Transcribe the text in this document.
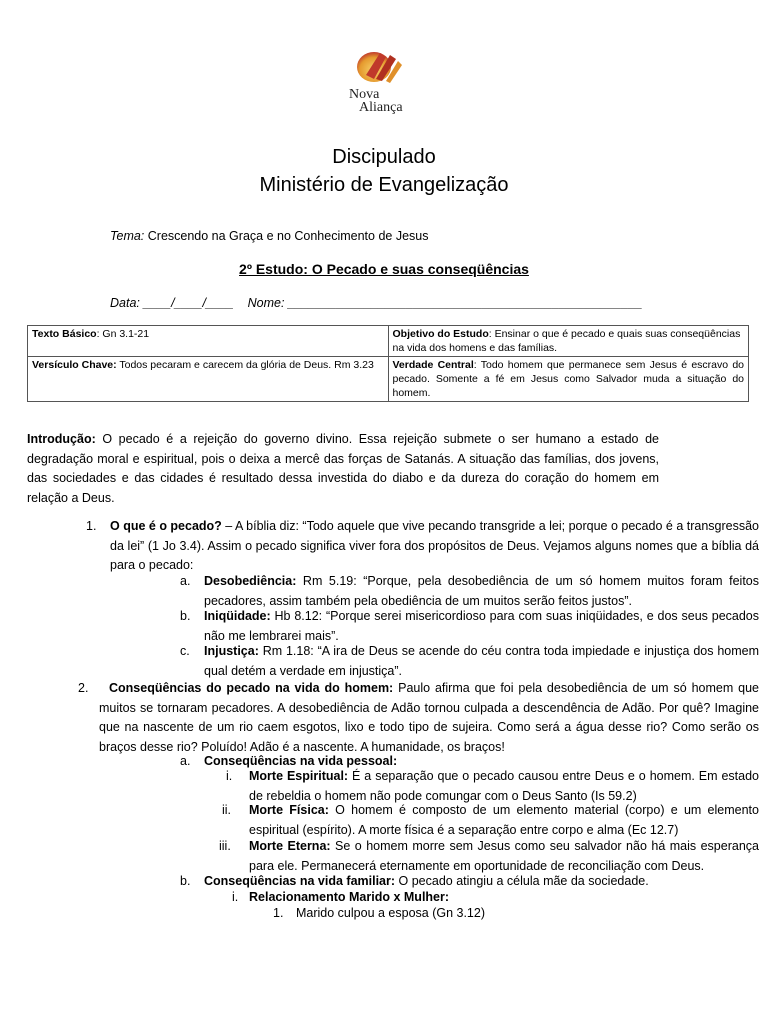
Nova
Aliança
Discipulado
Ministério de Evangelização
Tema: Crescendo na Graça e no Conhecimento de Jesus
2º Estudo: O Pecado e suas conseqüências
Data: ____/____/____ Nome: ___________________________________________________
Texto Básico: Gn 3.1-21	Objetivo do Estudo: Ensinar o que é pecado e quais suas conseqüências na vida dos homens e das famílias.
Versículo Chave: Todos pecaram e carecem da glória de Deus. Rm 3.23	Verdade Central: Todo homem que permanece sem Jesus é escravo do pecado. Somente a fé em Jesus como Salvador muda a situação do homem.

Introdução: O pecado é a rejeição do governo divino. Essa rejeição submete o ser humano a estado de degradação moral e espiritual, pois o deixa a mercê das forças de Satanás. A situação das famílias, dos jovens, das sociedades e das cidades é resultado dessa investida do diabo e da dureza do coração do homem em relação a Deus.

1. O que é o pecado? – A bíblia diz: “Todo aquele que vive pecando transgride a lei; porque o pecado é a transgressão da lei” (1 Jo 3.4). Assim o pecado significa viver fora dos propósitos de Deus. Vejamos alguns nomes que a bíblia dá para o pecado:

a. Desobediência: Rm 5.19: “Porque, pela desobediência de um só homem muitos foram feitos pecadores, assim também pela obediência de um muitos serão feitos justos”.

b. Iniqüidade: Hb 8.12: “Porque serei misericordioso para com suas iniqüidades, e dos seus pecados não me lembrarei mais”.

c. Injustiça: Rm 1.18: “A ira de Deus se acende do céu contra toda impiedade e injustiça dos homem qual detém a verdade em injustiça”.

2.	Conseqüências do pecado na vida do homem: Paulo afirma que foi pela desobediência de um só homem que muitos se tornaram pecadores. A desobediência de Adão tornou culpada a descendência de Adão. Por quê? Imagine que na nascente de um rio caem esgotos, lixo e todo tipo de sujeira. Como será a água desse rio? Como serão os braços desse rio? Poluído! Adão é a nascente. A humanidade, os braços!

a. Conseqüências na vida pessoal:
i. Morte Espiritual: É a separação que o pecado causou entre Deus e o homem. Em estado de rebeldia o homem não pode comungar com o Deus Santo (Is 59.2)

ii. Morte Física: O homem é composto de um elemento material (corpo) e um elemento espiritual (espírito). A morte física é a separação entre corpo e alma (Ec 12.7)

iii. Morte Eterna: Se o homem morre sem Jesus como seu salvador não há mais esperança para ele. Permanecerá eternamente em oportunidade de reconciliação com Deus.

b. Conseqüências na vida familiar: O pecado atingiu a célula mãe da sociedade.
i. Relacionamento Marido x Mulher:
1. Marido culpou a esposa (Gn 3.12)
